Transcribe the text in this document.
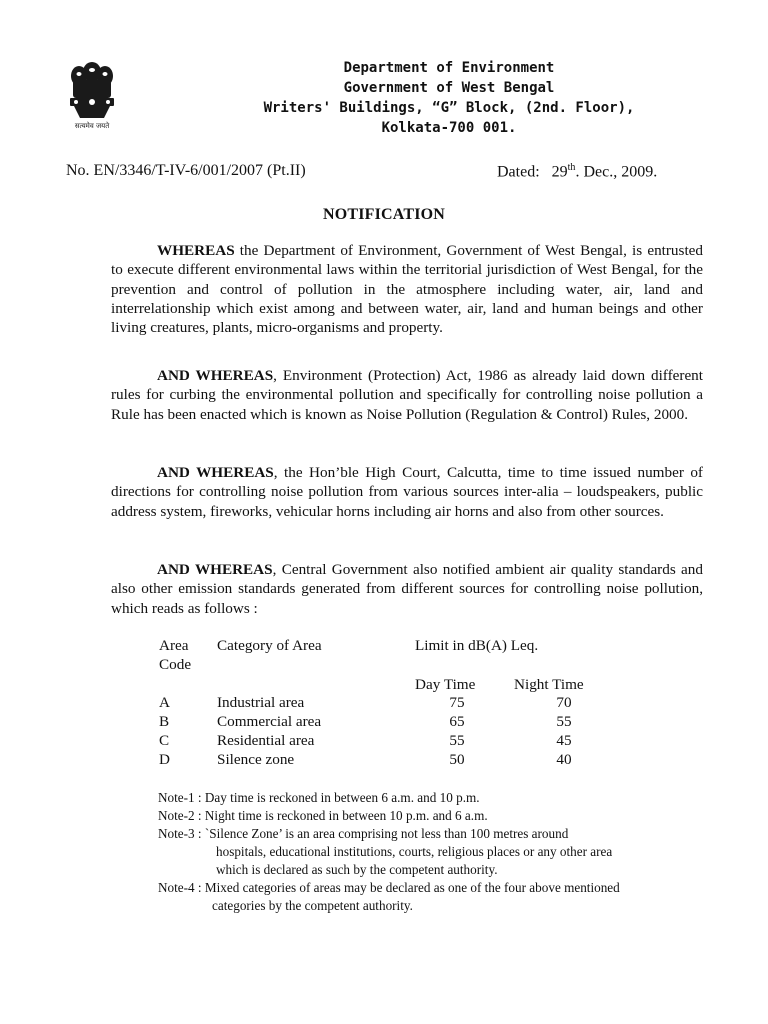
सत्यमेव जयते
Department of Environment
Government of West Bengal
Writers' Buildings, “G” Block, (2nd. Floor),
Kolkata-700 001.
No. EN/3346/T-IV-6/001/2007 (Pt.II)	Dated: 29th. Dec., 2009.
NOTIFICATION

WHEREAS the Department of Environment, Government of West Bengal, is entrusted to execute different environmental laws within the territorial jurisdiction of West Bengal, for the prevention and control of pollution in the atmosphere including water, air, land and interrelationship which exist among and between water, air, land and human beings and other living creatures, plants, micro-organisms and property.

AND WHEREAS, Environment (Protection) Act, 1986 as already laid down different rules for curbing the environmental pollution and specifically for controlling noise pollution a Rule has been enacted which is known as Noise Pollution (Regulation & Control) Rules, 2000.

AND WHEREAS, the Hon’ble High Court, Calcutta, time to time issued number of directions for controlling noise pollution from various sources inter-alia – loudspeakers, public address system, fireworks, vehicular horns including air horns and also from other sources.

AND WHEREAS, Central Government also notified ambient air quality standards and also other emission standards generated from different sources for controlling noise pollution, which reads as follows :

Area
Code
Category of Area	Limit in dB(A) Leq.
Day Time	Night Time
A	Industrial area	75	70
B	Commercial area	65	55
C	Residential area	55	45
D	Silence zone	50	40
Note-1 : Day time is reckoned in between 6 a.m. and 10 p.m.
Note-2 : Night time is reckoned in between 10 p.m. and 6 a.m.
Note-3 : `Silence Zone’ is an area comprising not less than 100 metres around
hospitals, educational institutions, courts, religious places or any other area
which is declared as such by the competent authority.
Note-4 : Mixed categories of areas may be declared as one of the four above mentioned
categories by the competent authority.
